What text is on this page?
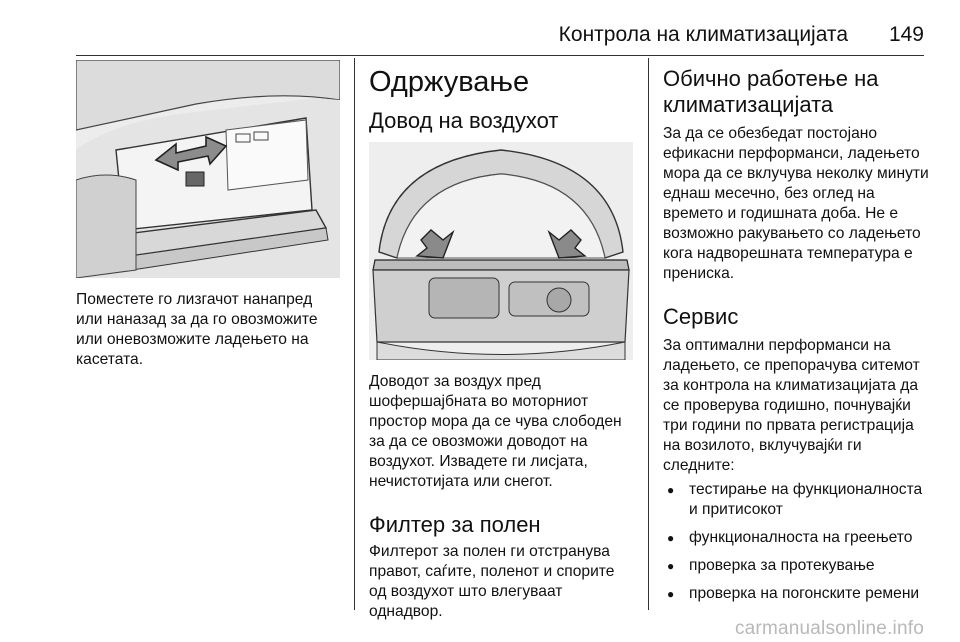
Контрола на климатизацијата 149

Поместете го лизгачот нанапред или наназад за да го овозможите или оневозможите ладењето на касетата.

Одржување
Довод на воздухот

Доводот за воздух пред шофершајбната во моторниот простор мора да се чува слободен за да се овозможи доводот на воздухот. Извадете ги лисјата, нечистотијата или снегот.

Филтер за полен

Филтерот за полен ги отстранува правот, саѓите, поленот и спорите од воздухот што влегуваат однадвор.

Обично работење на климатизацијата

За да се обезбедат постојано ефикасни перформанси, ладењето мора да се вклучува неколку минути еднаш месечно, без оглед на времето и годишната доба. Не е возможно ракувањето со ладењето кога надворешната температура е прениска.

Сервис

За оптимални перформанси на ладењето, се препорачува ситемот за контрола на климатизацијата да се проверува годишно, почнувајќи три години по првата регистрација на возилото, вклучувајќи ги следните:

● тестирање на функционалноста и притисокот
● функционалноста на греењето
● проверка за протекување
● проверка на погонските ремени
carmanualsonline.info
